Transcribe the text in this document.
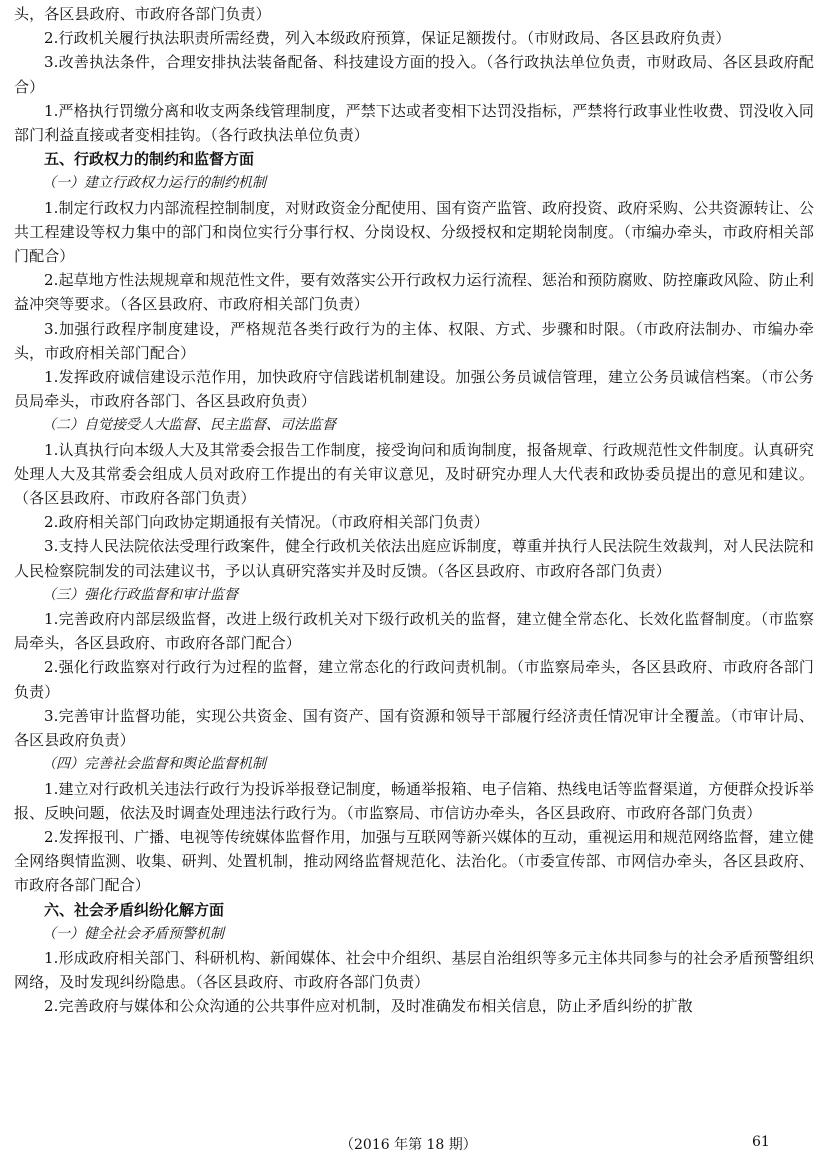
头，各区县政府、市政府各部门负责）

2.行政机关履行执法职责所需经费，列入本级政府预算，保证足额拨付。（市财政局、各区县政府负责）

3.改善执法条件，合理安排执法装备配备、科技建设方面的投入。（各行政执法单位负责，市财政局、各区县政府配合）

1.严格执行罚缴分离和收支两条线管理制度，严禁下达或者变相下达罚没指标，严禁将行政事业性收费、罚没收入同部门利益直接或者变相挂钩。（各行政执法单位负责）

五、行政权力的制约和监督方面

（一）建立行政权力运行的制约机制

1.制定行政权力内部流程控制制度，对财政资金分配使用、国有资产监管、政府投资、政府采购、公共资源转让、公共工程建设等权力集中的部门和岗位实行分事行权、分岗设权、分级授权和定期轮岗制度。（市编办牵头，市政府相关部门配合）

2.起草地方性法规规章和规范性文件，要有效落实公开行政权力运行流程、惩治和预防腐败、防控廉政风险、防止利益冲突等要求。（各区县政府、市政府相关部门负责）

3.加强行政程序制度建设，严格规范各类行政行为的主体、权限、方式、步骤和时限。（市政府法制办、市编办牵头，市政府相关部门配合）

1.发挥政府诚信建设示范作用，加快政府守信践诺机制建设。加强公务员诚信管理，建立公务员诚信档案。（市公务员局牵头，市政府各部门、各区县政府负责）

（二）自觉接受人大监督、民主监督、司法监督

1.认真执行向本级人大及其常委会报告工作制度，接受询问和质询制度，报备规章、行政规范性文件制度。认真研究处理人大及其常委会组成人员对政府工作提出的有关审议意见，及时研究办理人大代表和政协委员提出的意见和建议。（各区县政府、市政府各部门负责）

2.政府相关部门向政协定期通报有关情况。（市政府相关部门负责）

3.支持人民法院依法受理行政案件，健全行政机关依法出庭应诉制度，尊重并执行人民法院生效裁判，对人民法院和人民检察院制发的司法建议书，予以认真研究落实并及时反馈。（各区县政府、市政府各部门负责）

（三）强化行政监督和审计监督

1.完善政府内部层级监督，改进上级行政机关对下级行政机关的监督，建立健全常态化、长效化监督制度。（市监察局牵头，各区县政府、市政府各部门配合）

2.强化行政监察对行政行为过程的监督，建立常态化的行政问责机制。（市监察局牵头，各区县政府、市政府各部门负责）

3.完善审计监督功能，实现公共资金、国有资产、国有资源和领导干部履行经济责任情况审计全覆盖。（市审计局、各区县政府负责）

（四）完善社会监督和舆论监督机制

1.建立对行政机关违法行政行为投诉举报登记制度，畅通举报箱、电子信箱、热线电话等监督渠道，方便群众投诉举报、反映问题，依法及时调查处理违法行政行为。（市监察局、市信访办牵头，各区县政府、市政府各部门负责）

2.发挥报刊、广播、电视等传统媒体监督作用，加强与互联网等新兴媒体的互动，重视运用和规范网络监督，建立健全网络舆情监测、收集、研判、处置机制，推动网络监督规范化、法治化。（市委宣传部、市网信办牵头，各区县政府、市政府各部门配合）

六、社会矛盾纠纷化解方面

（一）健全社会矛盾预警机制

1.形成政府相关部门、科研机构、新闻媒体、社会中介组织、基层自治组织等多元主体共同参与的社会矛盾预警组织网络，及时发现纠纷隐患。（各区县政府、市政府各部门负责）

2.完善政府与媒体和公众沟通的公共事件应对机制，及时准确发布相关信息，防止矛盾纠纷的扩散

（2016 年第 18 期）	61
